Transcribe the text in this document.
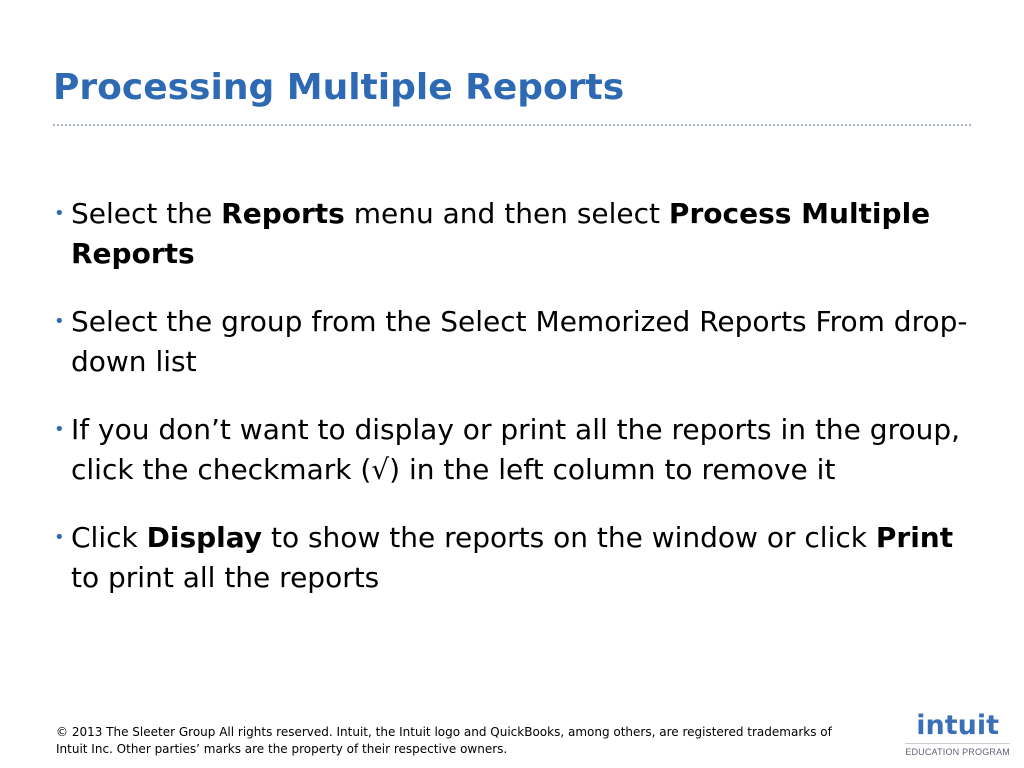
Processing Multiple Reports
• Select the Reports menu and then select Process Multiple Reports
• Select the group from the Select Memorized Reports From drop-down list
• If you don’t want to display or print all the reports in the group, click the checkmark (√) in the left column to remove it
• Click Display to show the reports on the window or click Print to print all the reports
© 2013 The Sleeter Group All rights reserved. Intuit, the Intuit logo and QuickBooks, among others, are registered trademarks of Intuit Inc. Other parties’ marks are the property of their respective owners.
intuit
EDUCATION PROGRAM
